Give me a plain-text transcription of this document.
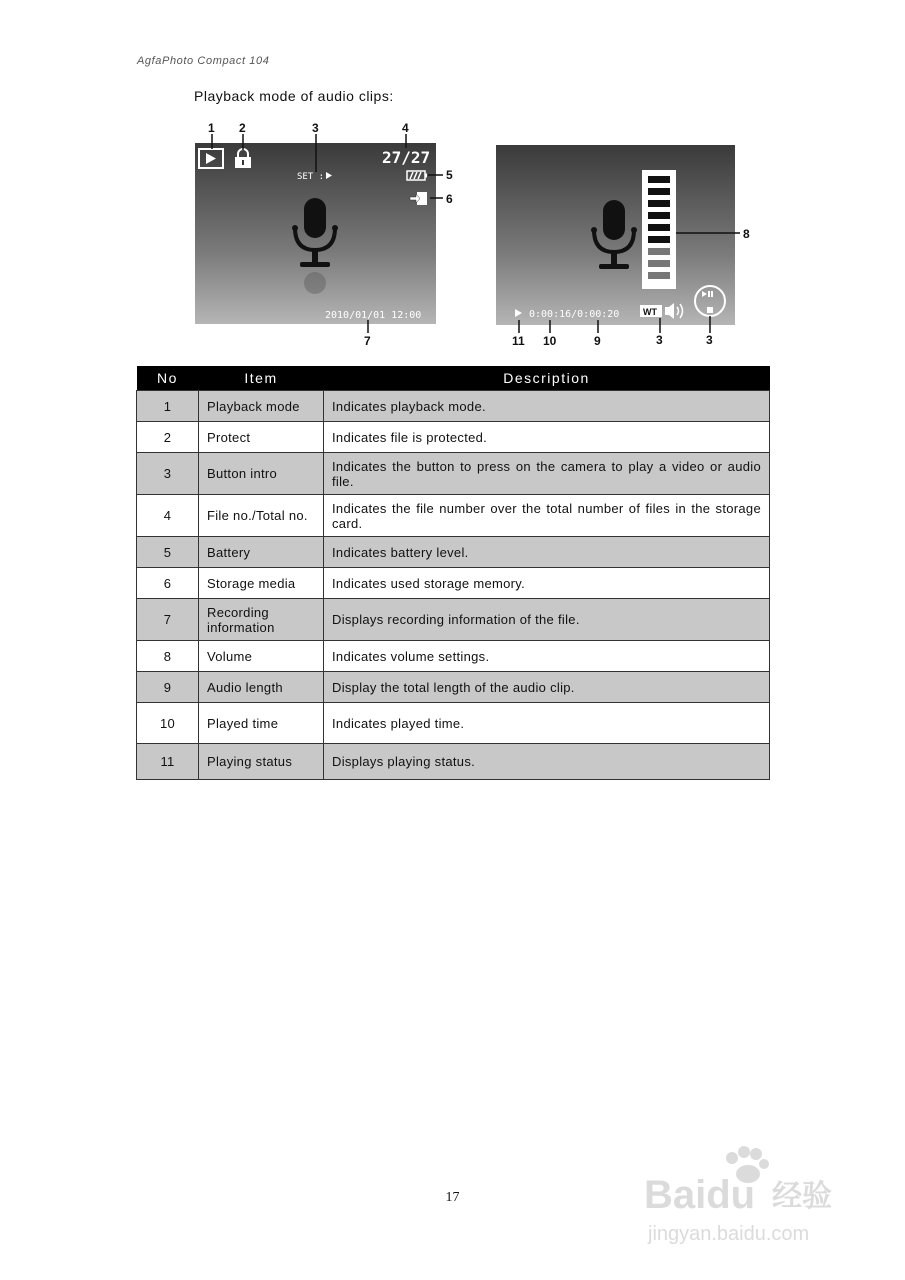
AgfaPhoto Compact 104
Playback mode of audio clips:
SET :
27/27
2010/01/01 12:00
1 2	3	4
5
6
7
0:00:16/0:00:20	WT
8
11 10	9	3	3
No	Item	Description
1	Playback mode	Indicates playback mode.
2	Protect	Indicates file is protected.
3	Button intro	Indicates the button to press on the camera to play a video or audio file.
4	File no./Total no.	Indicates the file number over the total number of files in the storage card.
5	Battery	Indicates battery level.
6	Storage media	Indicates used storage memory.
7	Recording information	Displays recording information of the file.
8	Volume	Indicates volume settings.
9	Audio length	Display the total length of the audio clip.
10	Played time	Indicates played time.
11	Playing status	Displays playing status.
17	Baidu 经验
jingyan.baidu.com
